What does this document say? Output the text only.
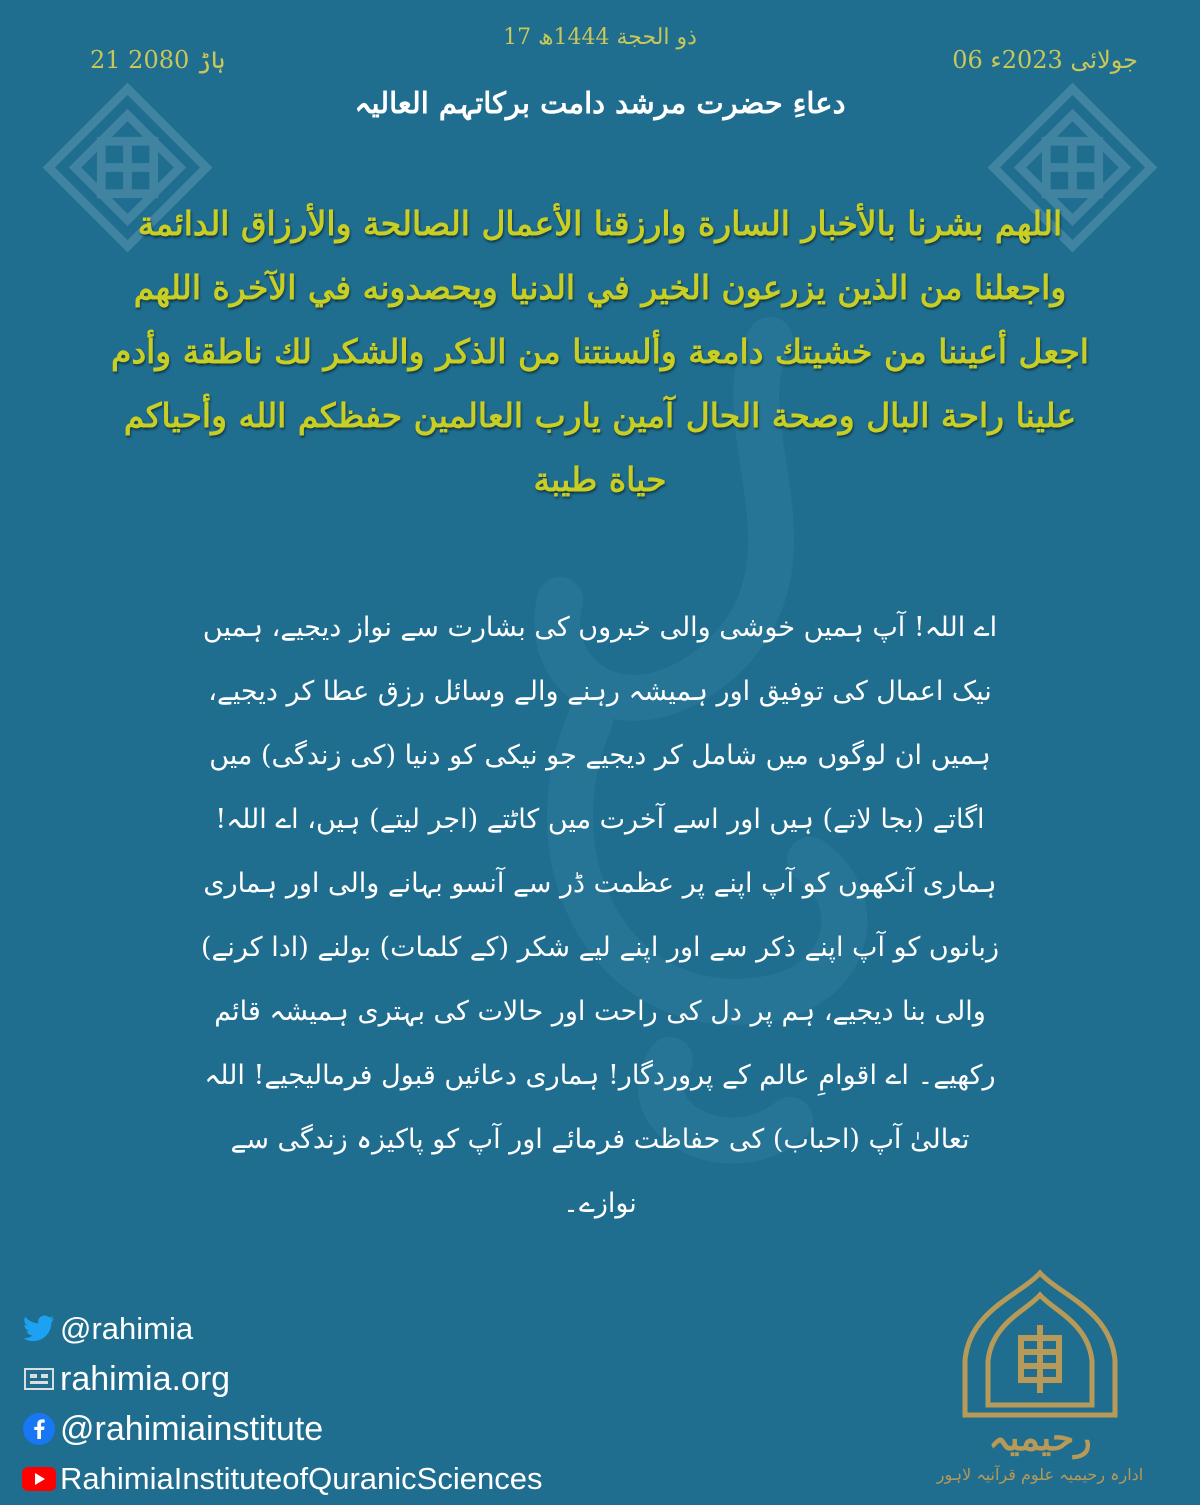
17 ذو الحجة 1444ھ
06 جولائی 2023ء
21 ہاڑ 2080
دعاءِ حضرت مرشد دامت برکاتہم العالیہ
اللهم بشرنا بالأخبار السارة وارزقنا الأعمال الصالحة والأرزاق الدائمة واجعلنا من الذين يزرعون الخير في الدنيا ويحصدونه في الآخرة اللهم اجعل أعيننا من خشيتك دامعة وألسنتنا من الذكر والشكر لك ناطقة وأدم علينا راحة البال وصحة الحال آمين يارب العالمين حفظكم الله وأحياكم حياة طيبة
اے اللہ! آپ ہمیں خوشی والی خبروں کی بشارت سے نواز دیجیے، ہمیں نیک اعمال کی توفیق اور ہمیشہ رہنے والے وسائل رزق عطا کر دیجیے، ہمیں ان لوگوں میں شامل کر دیجیے جو نیکی کو دنیا (کی زندگی) میں اگاتے (بجا لاتے) ہیں اور اسے آخرت میں کاٹتے (اجر لیتے) ہیں، اے اللہ! ہماری آنکھوں کو آپ اپنے پر عظمت ڈر سے آنسو بہانے والی اور ہماری زبانوں کو آپ اپنے ذکر سے اور اپنے لیے شکر (کے کلمات) بولنے (ادا کرنے) والی بنا دیجیے، ہم پر دل کی راحت اور حالات کی بہتری ہمیشہ قائم رکھیے۔ اے اقوامِ عالم کے پروردگار! ہماری دعائیں قبول فرمالیجیے! اللہ تعالیٰ آپ (احباب) کی حفاظت فرمائے اور آپ کو پاکیزہ زندگی سے نوازے۔
@rahimia
rahimia.org
@rahimiainstitute
RahimiaInstituteofQuranicSciences
رحیمیہ
ادارہ رحیمیہ علوم قرآنیہ لاہور
